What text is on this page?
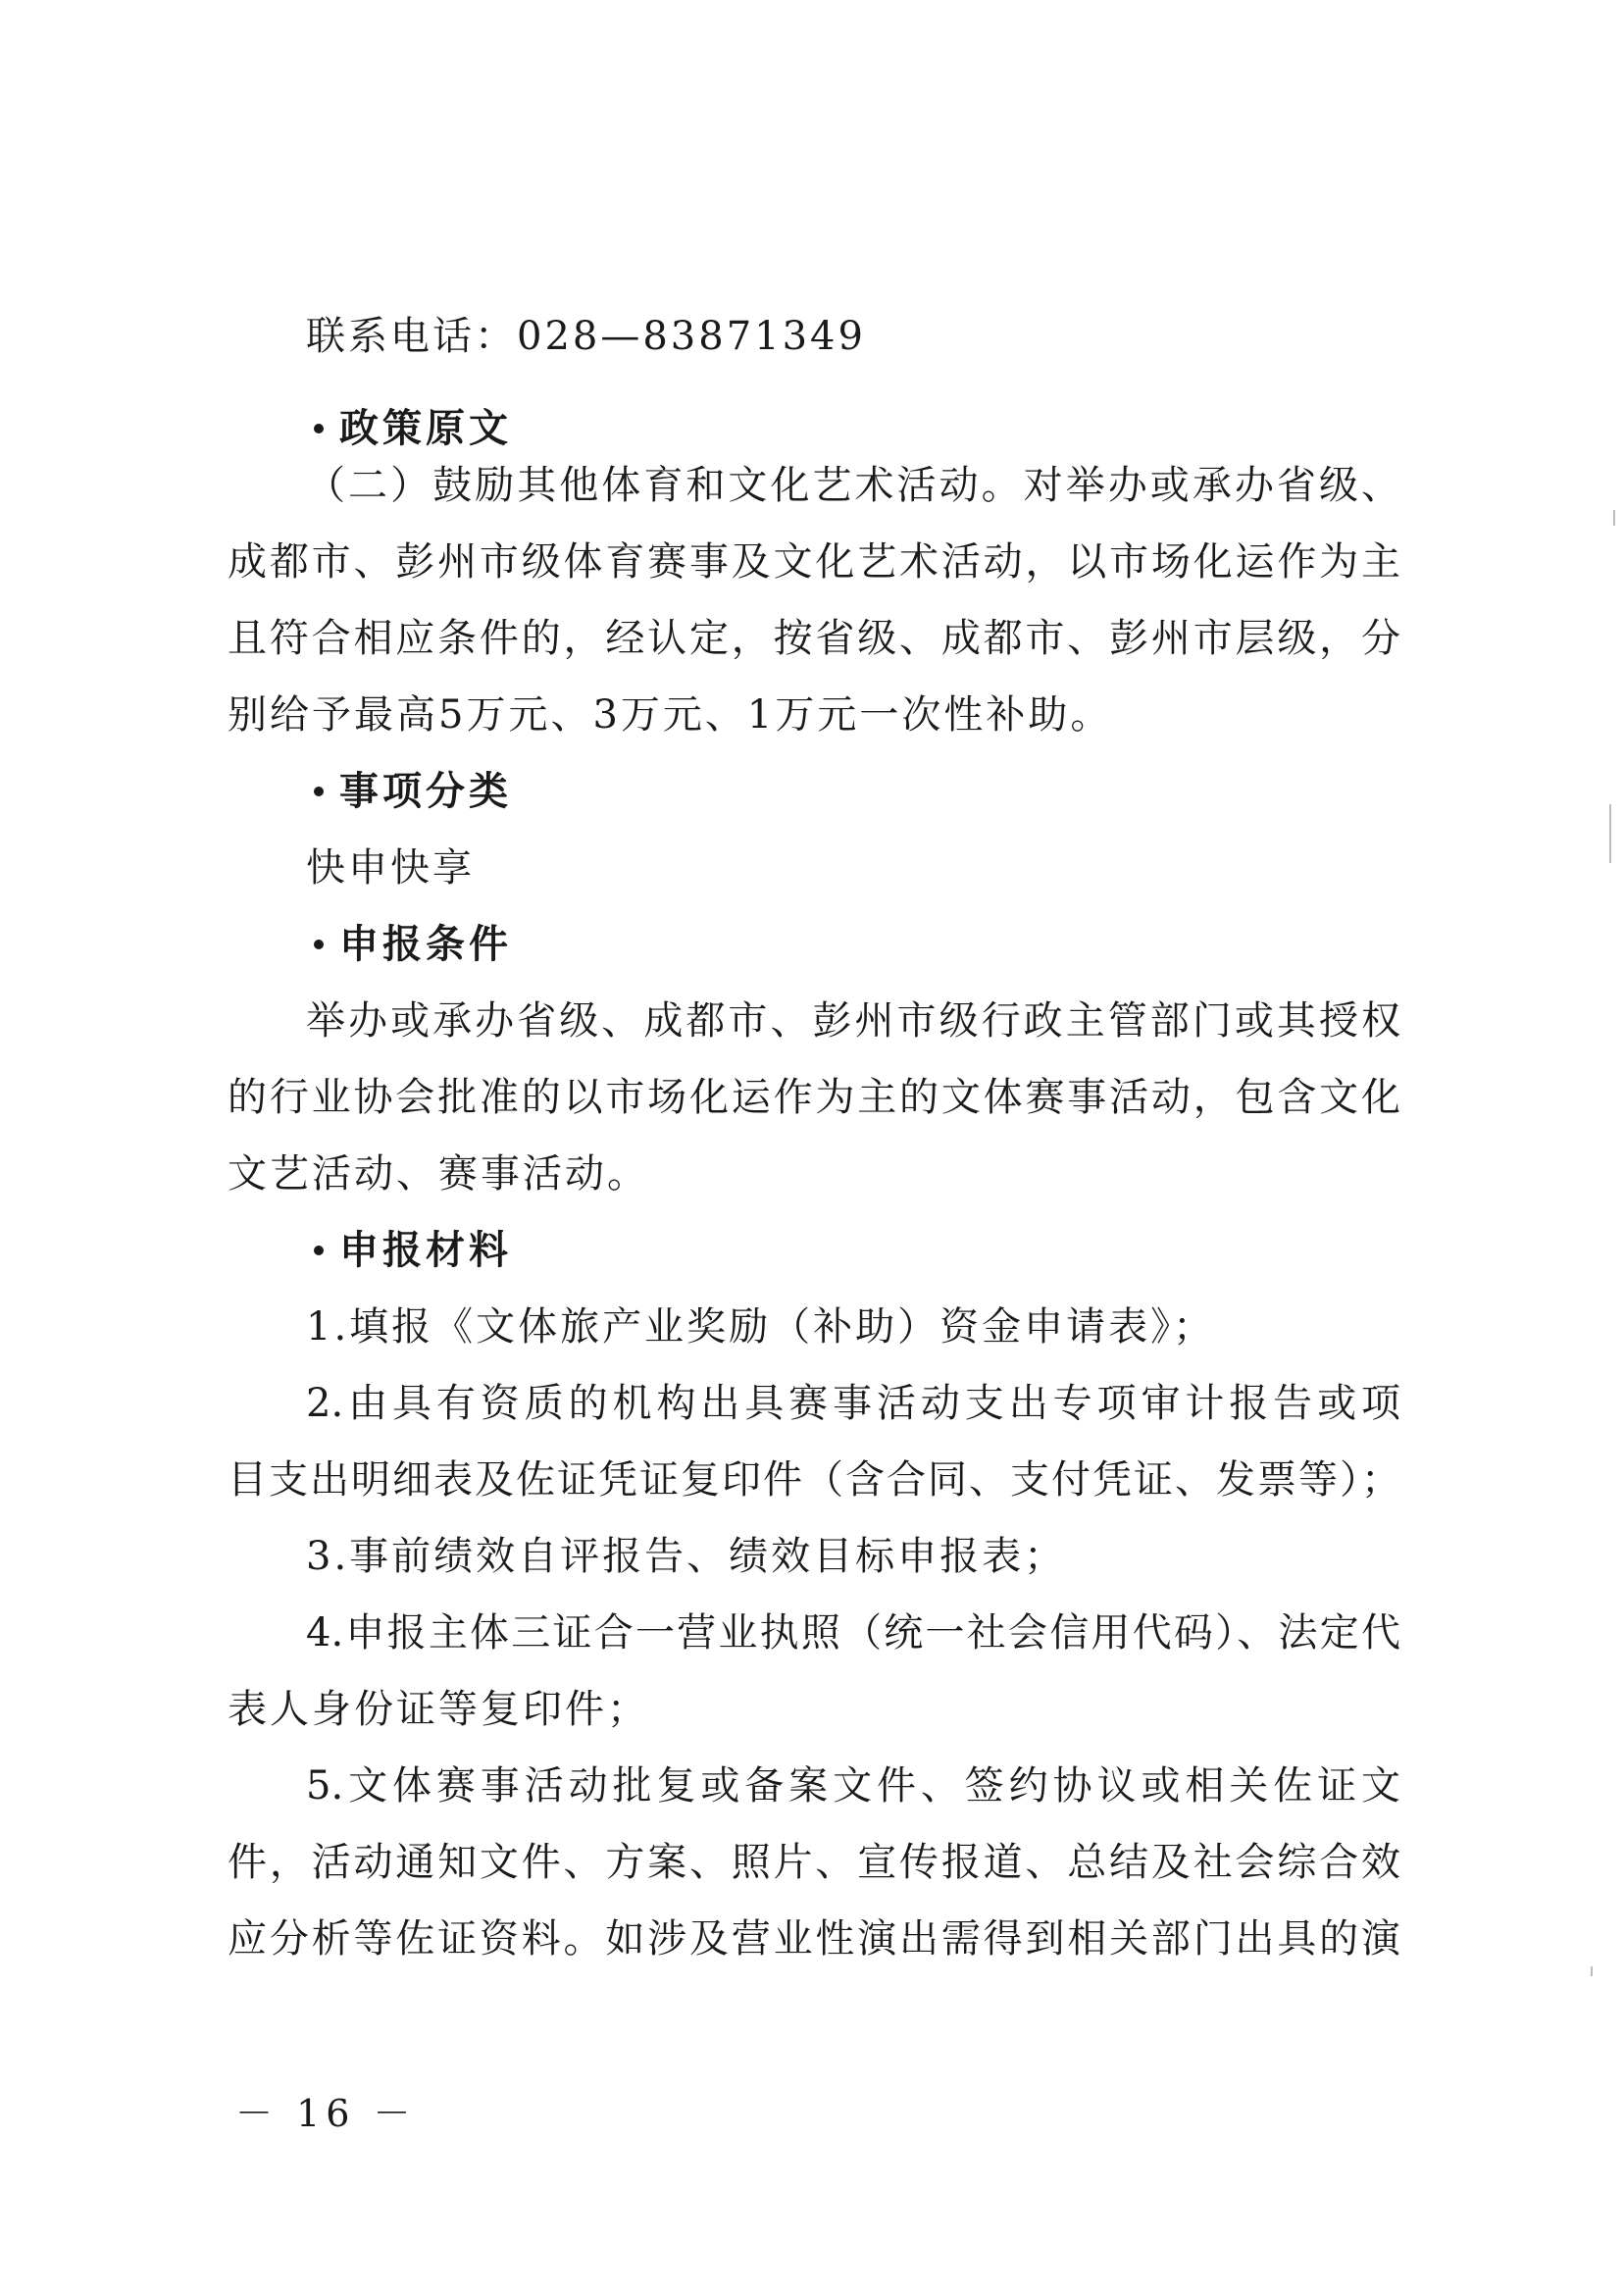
联系电话：028—83871349
政策原文
（二）鼓励其他体育和文化艺术活动。对举办或承办省级、
成都市、彭州市级体育赛事及文化艺术活动，以市场化运作为主
且符合相应条件的，经认定，按省级、成都市、彭州市层级，分
别给予最高5万元、3万元、1万元一次性补助。
事项分类
快申快享
申报条件
举办或承办省级、成都市、彭州市级行政主管部门或其授权
的行业协会批准的以市场化运作为主的文体赛事活动，包含文化
文艺活动、赛事活动。
申报材料
1.填报《文体旅产业奖励（补助）资金申请表》；
2.由具有资质的机构出具赛事活动支出专项审计报告或项
目支出明细表及佐证凭证复印件（含合同、支付凭证、发票等）；
3.事前绩效自评报告、绩效目标申报表；
4.申报主体三证合一营业执照（统一社会信用代码）、法定代
表人身份证等复印件；
5.文体赛事活动批复或备案文件、签约协议或相关佐证文
件，活动通知文件、方案、照片、宣传报道、总结及社会综合效
应分析等佐证资料。如涉及营业性演出需得到相关部门出具的演
－ 16 －
